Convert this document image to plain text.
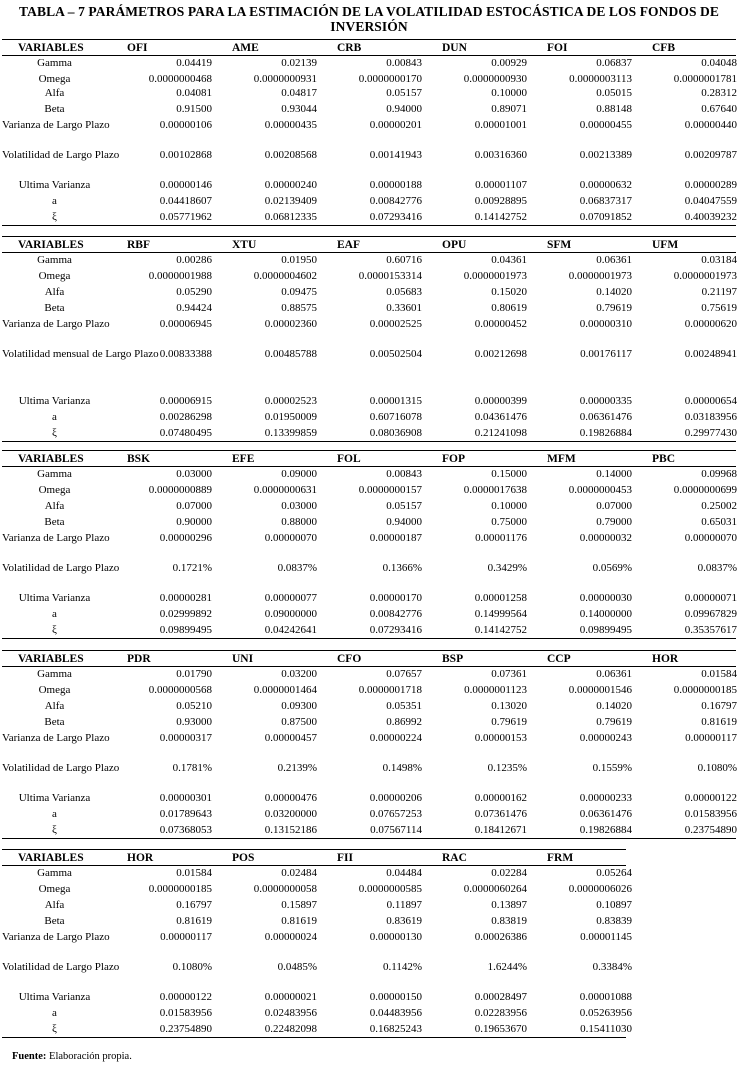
TABLA – 7 PARÁMETROS PARA LA ESTIMACIÓN DE LA VOLATILIDAD ESTOCÁSTICA DE LOS FONDOS DE INVERSIÓN
VARIABLES	OFI	AME	CRB	DUN	FOI	CFB
Gamma	0.04419	0.02139	0.00843	0.00929	0.06837	0.04048
Omega	0.0000000468	0.0000000931	0.0000000170	0.0000000930	0.0000003113	0.0000001781
Alfa	0.04081	0.04817	0.05157	0.10000	0.05015	0.28312
Beta	0.91500	0.93044	0.94000	0.89071	0.88148	0.67640
Varianza de Largo Plazo	0.00000106	0.00000435	0.00000201	0.00001001	0.00000455	0.00000440
Volatilidad de Largo Plazo	0.00102868	0.00208568	0.00141943	0.00316360	0.00213389	0.00209787
Ultima Varianza	0.00000146	0.00000240	0.00000188	0.00001107	0.00000632	0.00000289
a	0.04418607	0.02139409	0.00842776	0.00928895	0.06837317	0.04047559
ξ	0.05771962	0.06812335	0.07293416	0.14142752	0.07091852	0.40039232
VARIABLES	RBF	XTU	EAF	OPU	SFM	UFM
Gamma	0.00286	0.01950	0.60716	0.04361	0.06361	0.03184
Omega	0.0000001988	0.0000004602	0.0000153314	0.0000001973	0.0000001973	0.0000001973
Alfa	0.05290	0.09475	0.05683	0.15020	0.14020	0.21197
Beta	0.94424	0.88575	0.33601	0.80619	0.79619	0.75619
Varianza de Largo Plazo	0.00006945	0.00002360	0.00002525	0.00000452	0.00000310	0.00000620
Volatilidad mensual de Largo Plazo	0.00833388	0.00485788	0.00502504	0.00212698	0.00176117	0.00248941
Ultima Varianza	0.00006915	0.00002523	0.00001315	0.00000399	0.00000335	0.00000654
a	0.00286298	0.01950009	0.60716078	0.04361476	0.06361476	0.03183956
ξ	0.07480495	0.13399859	0.08036908	0.21241098	0.19826884	0.29977430
VARIABLES	BSK	EFE	FOL	FOP	MFM	PBC
Gamma	0.03000	0.09000	0.00843	0.15000	0.14000	0.09968
Omega	0.0000000889	0.0000000631	0.0000000157	0.0000017638	0.0000000453	0.0000000699
Alfa	0.07000	0.03000	0.05157	0.10000	0.07000	0.25002
Beta	0.90000	0.88000	0.94000	0.75000	0.79000	0.65031
Varianza de Largo Plazo	0.00000296	0.00000070	0.00000187	0.00001176	0.00000032	0.00000070
Volatilidad de Largo Plazo	0.1721%	0.0837%	0.1366%	0.3429%	0.0569%	0.0837%
Ultima Varianza	0.00000281	0.00000077	0.00000170	0.00001258	0.00000030	0.00000071
a	0.02999892	0.09000000	0.00842776	0.14999564	0.14000000	0.09967829
ξ	0.09899495	0.04242641	0.07293416	0.14142752	0.09899495	0.35357617
VARIABLES	PDR	UNI	CFO	BSP	CCP	HOR
Gamma	0.01790	0.03200	0.07657	0.07361	0.06361	0.01584
Omega	0.0000000568	0.0000001464	0.0000001718	0.0000001123	0.0000001546	0.0000000185
Alfa	0.05210	0.09300	0.05351	0.13020	0.14020	0.16797
Beta	0.93000	0.87500	0.86992	0.79619	0.79619	0.81619
Varianza de Largo Plazo	0.00000317	0.00000457	0.00000224	0.00000153	0.00000243	0.00000117
Volatilidad de Largo Plazo	0.1781%	0.2139%	0.1498%	0.1235%	0.1559%	0.1080%
Ultima Varianza	0.00000301	0.00000476	0.00000206	0.00000162	0.00000233	0.00000122
a	0.01789643	0.03200000	0.07657253	0.07361476	0.06361476	0.01583956
ξ	0.07368053	0.13152186	0.07567114	0.18412671	0.19826884	0.23754890
VARIABLES	HOR	POS	FII	RAC	FRM
Gamma	0.01584	0.02484	0.04484	0.02284	0.05264
Omega	0.0000000185	0.0000000058	0.0000000585	0.0000060264	0.0000006026
Alfa	0.16797	0.15897	0.11897	0.13897	0.10897
Beta	0.81619	0.81619	0.83619	0.83819	0.83839
Varianza de Largo Plazo	0.00000117	0.00000024	0.00000130	0.00026386	0.00001145
Volatilidad de Largo Plazo	0.1080%	0.0485%	0.1142%	1.6244%	0.3384%
Ultima Varianza	0.00000122	0.00000021	0.00000150	0.00028497	0.00001088
a	0.01583956	0.02483956	0.04483956	0.02283956	0.05263956
ξ	0.23754890	0.22482098	0.16825243	0.19653670	0.15411030
Fuente: Elaboración propia.
